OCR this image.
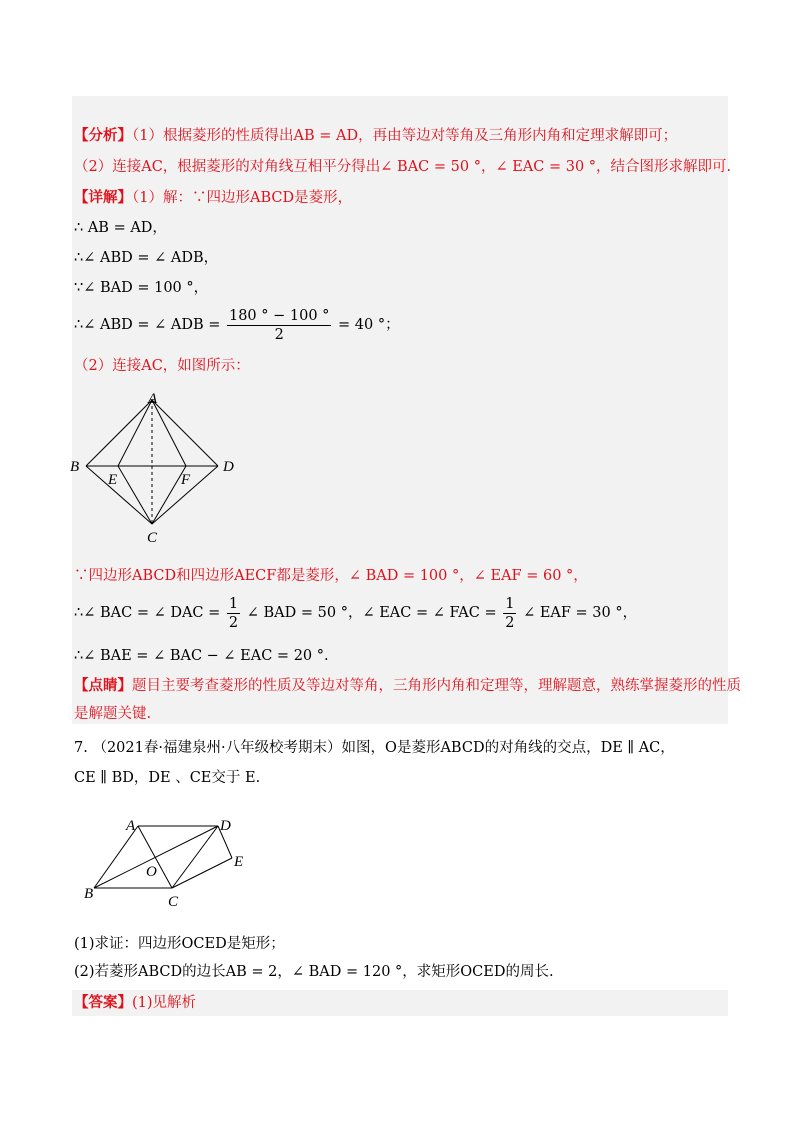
【分析】（1）根据菱形的性质得出AB = AD，再由等边对等角及三角形内角和定理求解即可；
（2）连接AC，根据菱形的对角线互相平分得出∠ BAC = 50 °，∠ EAC = 30 °，结合图形求解即可.
【详解】（1）解：∵四边形ABCD是菱形，
∴ AB = AD，
∴∠ ABD = ∠ ADB，
∵∠ BAD = 100 °，
∴∠ ABD = ∠ ADB = $\frac{180 ^\circ - 100 ^\circ}{2} = 40$ °；
（2）连接AC，如图所示：
A
B	D
C
E	F
∵四边形ABCD和四边形AECF都是菱形，∠ BAD = 100 °，∠ EAF = 60 °，
∴∠ BAC = ∠ DAC = $\frac{1}{2}$ ∠ BAD = 50 °，∠ EAC = ∠ FAC = $\frac{1}{2}$ ∠ EAF = 30 °，
∴∠ BAE = ∠ BAC − ∠ EAC = 20 °.
【点睛】题目主要考查菱形的性质及等边对等角，三角形内角和定理等，理解题意，熟练掌握菱形的性质
是解题关键.
7. （2021春·福建泉州·八年级校考期末）如图，O是菱形ABCD的对角线的交点，DE ∥ AC，
CE ∥ BD，DE 、CE交于 E.
A	D
B	C
E
O
(1)求证：四边形OCED是矩形；
(2)若菱形ABCD的边长AB = 2，∠ BAD = 120 °，求矩形OCED的周长.
【答案】(1)见解析
